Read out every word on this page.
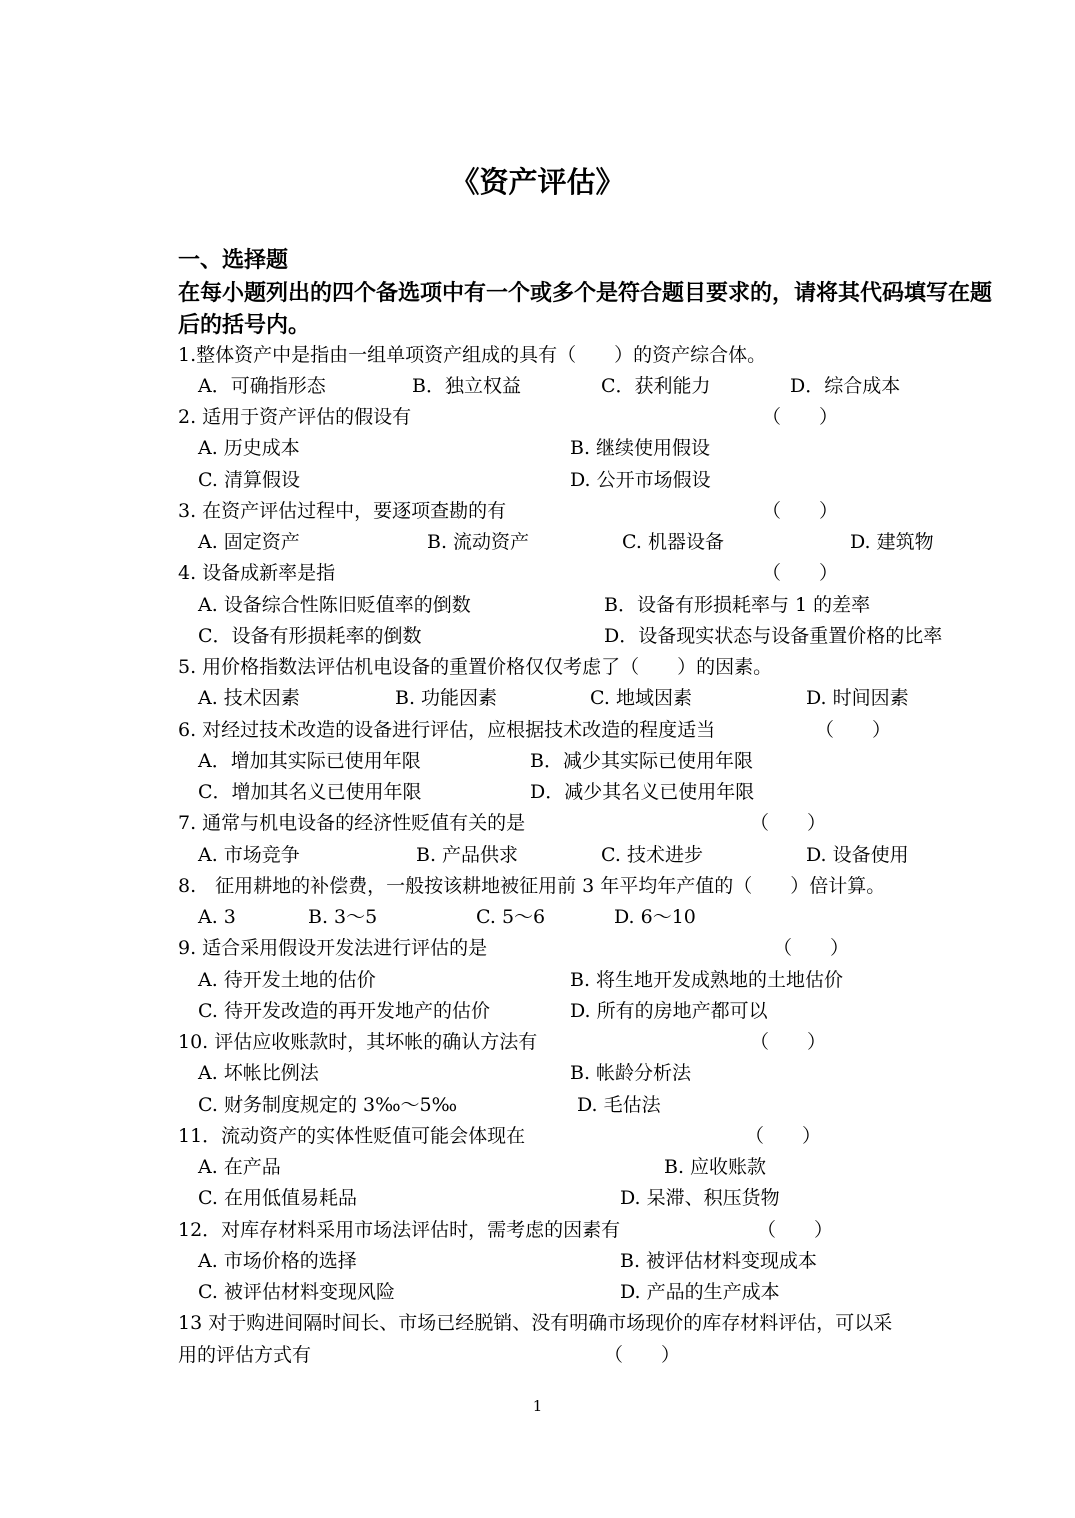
《资产评估》
一、选择题
在每小题列出的四个备选项中有一个或多个是符合题目要求的，请将其代码填写在题后的括号内。
1.整体资产中是指由一组单项资产组成的具有（　　）的资产综合体。
A．可确指形态	B．独立权益	C．获利能力	D．综合成本
2. 适用于资产评估的假设有	（　　）
A. 历史成本	B. 继续使用假设
C. 清算假设	D. 公开市场假设
3. 在资产评估过程中，要逐项查勘的有	（　　）
A. 固定资产	B. 流动资产	C. 机器设备	D. 建筑物
4. 设备成新率是指	（　　）
A. 设备综合性陈旧贬值率的倒数	B．设备有形损耗率与 1 的差率
C．设备有形损耗率的倒数	D．设备现实状态与设备重置价格的比率
5. 用价格指数法评估机电设备的重置价格仅仅考虑了（　　）的因素。
A. 技术因素	B. 功能因素	C. 地域因素	D. 时间因素
6. 对经过技术改造的设备进行评估，应根据技术改造的程度适当	（　　）
A．增加其实际已使用年限	B．减少其实际已使用年限
C．增加其名义已使用年限	D．减少其名义已使用年限
7. 通常与机电设备的经济性贬值有关的是	（　　）
A. 市场竞争	B. 产品供求	C. 技术进步	D. 设备使用
8.　征用耕地的补偿费，一般按该耕地被征用前 3 年平均年产值的（　　）倍计算。
A. 3	B. 3～5	C. 5～6	D. 6～10
9. 适合采用假设开发法进行评估的是	（　　）
A. 待开发土地的估价	B. 将生地开发成熟地的土地估价
C. 待开发改造的再开发地产的估价	D. 所有的房地产都可以
10. 评估应收账款时，其坏帐的确认方法有	（　　）
A. 坏帐比例法	B. 帐龄分析法
C. 财务制度规定的 3‰～5‰	D. 毛估法
11．流动资产的实体性贬值可能会体现在	（　　）
A. 在产品	B. 应收账款
C. 在用低值易耗品	D. 呆滞、积压货物
12．对库存材料采用市场法评估时，需考虑的因素有	（　　）
A. 市场价格的选择	B. 被评估材料变现成本
C. 被评估材料变现风险	D. 产品的生产成本
13 对于购进间隔时间长、市场已经脱销、没有明确市场现价的库存材料评估，可以采
用的评估方式有	（　　）
1
